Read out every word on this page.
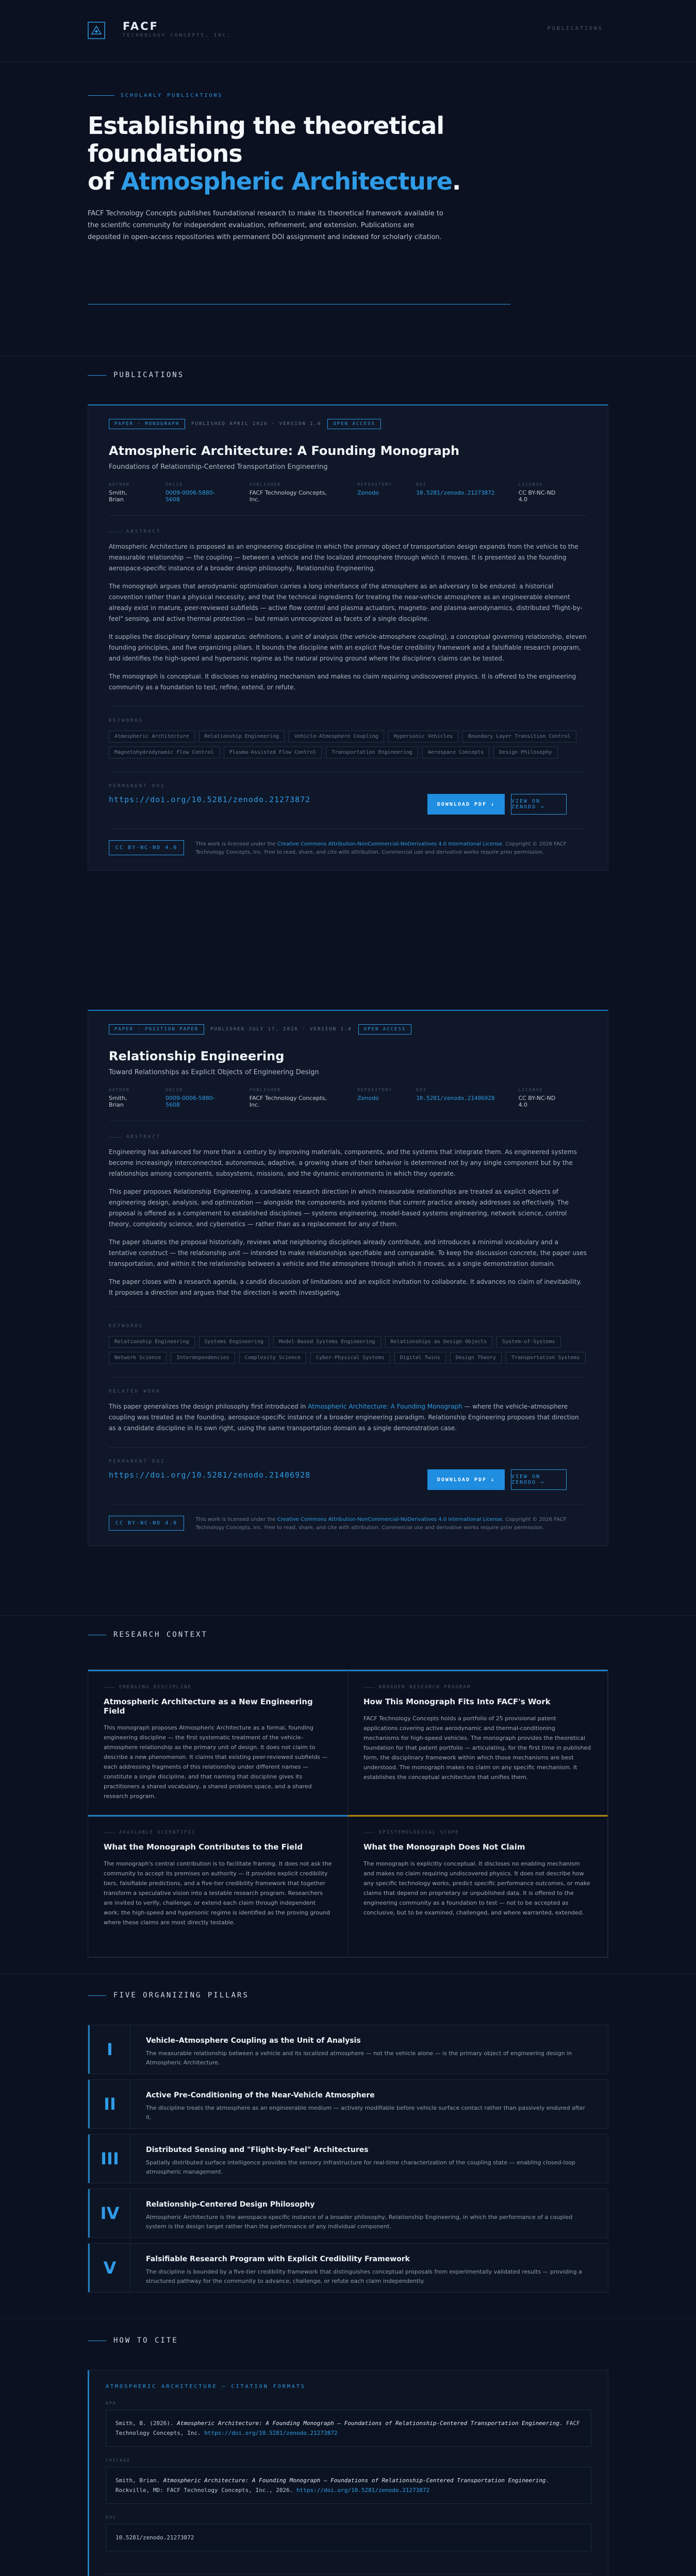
FACF
TECHNOLOGY CONCEPTS, INC.
PUBLICATIONS
SCHOLARLY PUBLICATIONS
Establishing the theoretical
foundations
of Atmospheric Architecture.

FACF Technology Concepts publishes foundational research to make its theoretical framework available to the scientific community for independent evaluation, refinement, and extension. Publications are deposited in open-access repositories with permanent DOI assignment and indexed for scholarly citation.

PUBLICATIONS
PAPER · MONOGRAPH	PUBLISHED APRIL 2026 · VERSION 1.0	OPEN ACCESS
Atmospheric Architecture: A Founding Monograph
Foundations of Relationship-Centered Transportation Engineering
AUTHOR
Smith, Brian
ORCID
0009-0006-5880-5608
PUBLISHER
FACF Technology Concepts, Inc.
REPOSITORY
Zenodo
DOI
10.5281/zenodo.21273872
LICENSE
CC BY-NC-ND 4.0
ABSTRACT

Atmospheric Architecture is proposed as an engineering discipline in which the primary object of transportation design expands from the vehicle to the measurable relationship — the coupling — between a vehicle and the localized atmosphere through which it moves. It is presented as the founding aerospace-specific instance of a broader design philosophy, Relationship Engineering.

The monograph argues that aerodynamic optimization carries a long inheritance of the atmosphere as an adversary to be endured: a historical convention rather than a physical necessity, and that the technical ingredients for treating the near-vehicle atmosphere as an engineerable element already exist in mature, peer-reviewed subfields — active flow control and plasma actuators, magneto- and plasma-aerodynamics, distributed "flight-by-feel" sensing, and active thermal protection — but remain unrecognized as facets of a single discipline.

It supplies the disciplinary formal apparatus: definitions, a unit of analysis (the vehicle-atmosphere coupling), a conceptual governing relationship, eleven founding principles, and five organizing pillars. It bounds the discipline with an explicit five-tier credibility framework and a falsifiable research program, and identifies the high-speed and hypersonic regime as the natural proving ground where the discipline's claims can be tested.

The monograph is conceptual. It discloses no enabling mechanism and makes no claim requiring undiscovered physics. It is offered to the engineering community as a foundation to test, refine, extend, or refute.

KEYWORDS
Atmospheric Architecture	Relationship Engineering	Vehicle-Atmosphere Coupling	Hypersonic Vehicles	Boundary Layer Transition Control
Magnetohydrodynamic Flow Control	Plasma-Assisted Flow Control	Transportation Engineering	Aerospace Concepts	Design Philosophy
PERMANENT DOI
https://doi.org/10.5281/zenodo.21273872	DOWNLOAD PDF ↓	VIEW ON ZENODO →
CC BY-NC-ND 4.0

This work is licensed under the Creative Commons Attribution-NonCommercial-NoDerivatives 4.0 International License. Copyright © 2026 FACF Technology Concepts, Inc. Free to read, share, and cite with attribution. Commercial use and derivative works require prior permission.

PAPER · POSITION PAPER	PUBLISHED JULY 17, 2026 · VERSION 1.0	OPEN ACCESS
Relationship Engineering
Toward Relationships as Explicit Objects of Engineering Design
AUTHOR
Smith, Brian
ORCID
0009-0006-5880-5608
PUBLISHER
FACF Technology Concepts, Inc.
REPOSITORY
Zenodo
DOI
10.5281/zenodo.21406928
LICENSE
CC BY-NC-ND 4.0
ABSTRACT

Engineering has advanced for more than a century by improving materials, components, and the systems that integrate them. As engineered systems become increasingly interconnected, autonomous, adaptive, a growing share of their behavior is determined not by any single component but by the relationships among components, subsystems, missions, and the dynamic environments in which they operate.

This paper proposes Relationship Engineering, a candidate research direction in which measurable relationships are treated as explicit objects of engineering design, analysis, and optimization — alongside the components and systems that current practice already addresses so effectively. The proposal is offered as a complement to established disciplines — systems engineering, model-based systems engineering, network science, control theory, complexity science, and cybernetics — rather than as a replacement for any of them.

The paper situates the proposal historically, reviews what neighboring disciplines already contribute, and introduces a minimal vocabulary and a tentative construct — the relationship unit — intended to make relationships specifiable and comparable. To keep the discussion concrete, the paper uses transportation, and within it the relationship between a vehicle and the atmosphere through which it moves, as a single demonstration domain.

The paper closes with a research agenda, a candid discussion of limitations and an explicit invitation to collaborate. It advances no claim of inevitability. It proposes a direction and argues that the direction is worth investigating.

KEYWORDS
Relationship Engineering	Systems Engineering	Model-Based Systems Engineering	Relationships as Design Objects	System-of-Systems
Network Science	Interdependencies	Complexity Science	Cyber-Physical Systems	Digital Twins	Design Theory	Transportation Systems
RELATED WORK

This paper generalizes the design philosophy first introduced in Atmospheric Architecture: A Founding Monograph — where the vehicle–atmosphere coupling was treated as the founding, aerospace-specific instance of a broader engineering paradigm. Relationship Engineering proposes that direction as a candidate discipline in its own right, using the same transportation domain as a single demonstration case.

PERMANENT DOI
https://doi.org/10.5281/zenodo.21406928	DOWNLOAD PDF ↓	VIEW ON ZENODO →
CC BY-NC-ND 4.0

This work is licensed under the Creative Commons Attribution-NonCommercial-NoDerivatives 4.0 International License. Copyright © 2026 FACF Technology Concepts, Inc. Free to read, share, and cite with attribution. Commercial use and derivative works require prior permission.

RESEARCH CONTEXT
EMERGING DISCIPLINE
Atmospheric Architecture as a New Engineering Field

This monograph proposes Atmospheric Architecture as a formal, founding engineering discipline — the first systematic treatment of the vehicle–atmosphere relationship as the primary unit of design. It does not claim to describe a new phenomenon. It claims that existing peer-reviewed subfields — each addressing fragments of this relationship under different names — constitute a single discipline, and that naming that discipline gives its practitioners a shared vocabulary, a shared problem space, and a shared research program.

BROADER RESEARCH PROGRAM
How This Monograph Fits Into FACF's Work

FACF Technology Concepts holds a portfolio of 25 provisional patent applications covering active aerodynamic and thermal-conditioning mechanisms for high-speed vehicles. The monograph provides the theoretical foundation for that patent portfolio — articulating, for the first time in published form, the disciplinary framework within which those mechanisms are best understood. The monograph makes no claim on any specific mechanism. It establishes the conceptual architecture that unifies them.

AVAILABLE SCIENTIFIC
What the Monograph Contributes to the Field

The monograph's central contribution is to facilitate framing. It does not ask the community to accept its premises on authority — it provides explicit credibility tiers, falsifiable predictions, and a five-tier credibility framework that together transform a speculative vision into a testable research program. Researchers are invited to verify, challenge, or extend each claim through independent work; the high-speed and hypersonic regime is identified as the proving ground where these claims are most directly testable.

EPISTEMOLOGICAL SCOPE
What the Monograph Does Not Claim

The monograph is explicitly conceptual. It discloses no enabling mechanism and makes no claim requiring undiscovered physics. It does not describe how any specific technology works, predict specific performance outcomes, or make claims that depend on proprietary or unpublished data. It is offered to the engineering community as a foundation to test — not to be accepted as conclusive, but to be examined, challenged, and where warranted, extended.

FIVE ORGANIZING PILLARS
I	Vehicle–Atmosphere Coupling as the Unit of Analysis

The measurable relationship between a vehicle and its localized atmosphere — not the vehicle alone — is the primary object of engineering design in Atmospheric Architecture.

II	Active Pre-Conditioning of the Near-Vehicle Atmosphere

The discipline treats the atmosphere as an engineerable medium — actively modifiable before vehicle surface contact rather than passively endured after it.

III	Distributed Sensing and "Flight-by-Feel" Architectures

Spatially distributed surface intelligence provides the sensory infrastructure for real-time characterization of the coupling state — enabling closed-loop atmospheric management.

IV	Relationship-Centered Design Philosophy

Atmospheric Architecture is the aerospace-specific instance of a broader philosophy, Relationship Engineering, in which the performance of a coupled system is the design target rather than the performance of any individual component.

V	Falsifiable Research Program with Explicit Credibility Framework

The discipline is bounded by a five-tier credibility framework that distinguishes conceptual proposals from experimentally validated results — providing a structured pathway for the community to advance, challenge, or refute each claim independently.

HOW TO CITE
ATMOSPHERIC ARCHITECTURE — CITATION FORMATS
APA
Smith, B. (2026). Atmospheric Architecture: A Founding Monograph — Foundations of Relationship-Centered Transportation Engineering. FACF Technology Concepts, Inc. https://doi.org/10.5281/zenodo.21273872
CHICAGO
Smith, Brian. Atmospheric Architecture: A Founding Monograph — Foundations of Relationship-Centered Transportation Engineering. Rockville, MD: FACF Technology Concepts, Inc., 2026. https://doi.org/10.5281/zenodo.21273872
DOI
10.5281/zenodo.21273872
